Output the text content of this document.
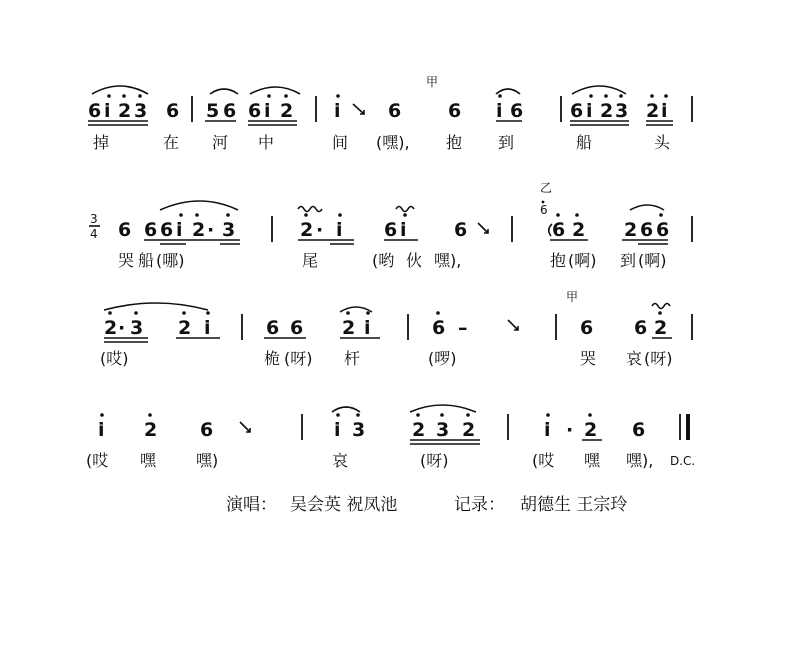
甲
6 i 2 3 6 5 6 6 i 2 i 6 6 i 6 6 i 2 3 2 i
掉	在 河 中	间 (嘿), 抱 到	船	头
3
4
乙
6
6 6 6 i 2 · 3	2 · i 6 i 6	6 2 2 6 6
哭 船 (哪)	尾	(哟 伙 嘿),	抱 (啊) 到 (啊)
甲
2 · 3 2 i	6 6 2 i	6 –	6 6 2
(哎)	桅 (呀) 杆	(啰)	哭 哀 (呀)
i 2 6	i 3 2 3 2	i · 2 6
(哎 嘿 嘿)	哀	(呀)	(哎 嘿 嘿), D.C.
演唱： 吴会英 祝凤池	记录： 胡德生 王宗玲
